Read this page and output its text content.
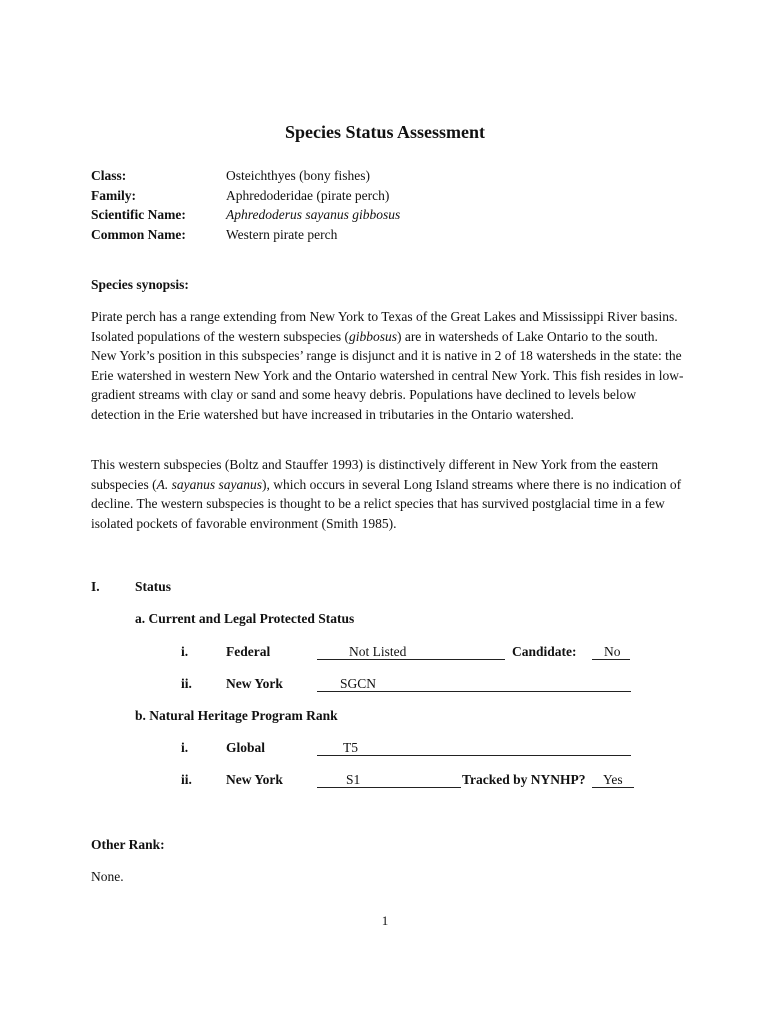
Species Status Assessment
Class:	Osteichthyes (bony fishes)
Family:	Aphredoderidae (pirate perch)
Scientific Name:	Aphredoderus sayanus gibbosus
Common Name:	Western pirate perch
Species synopsis:

Pirate perch has a range extending from New York to Texas of the Great Lakes and Mississippi River basins. Isolated populations of the western subspecies (gibbosus) are in watersheds of Lake Ontario to the south. New York’s position in this subspecies’ range is disjunct and it is native in 2 of 18 watersheds in the state: the Erie watershed in western New York and the Ontario watershed in central New York. This fish resides in low-gradient streams with clay or sand and some heavy debris. Populations have declined to levels below detection in the Erie watershed but have increased in tributaries in the Ontario watershed.

This western subspecies (Boltz and Stauffer 1993) is distinctively different in New York from the eastern subspecies (A. sayanus sayanus), which occurs in several Long Island streams where there is no indication of decline. The western subspecies is thought to be a relict species that has survived postglacial time in a few isolated pockets of favorable environment (Smith 1985).

I.	Status
a. Current and Legal Protected Status
i.	Federal	Not Listed	Candidate: No
ii.	New York	SGCN
b. Natural Heritage Program Rank
i.	Global	T5
ii.	New York	S1	Tracked by NYNHP? Yes
Other Rank:
None.
1
